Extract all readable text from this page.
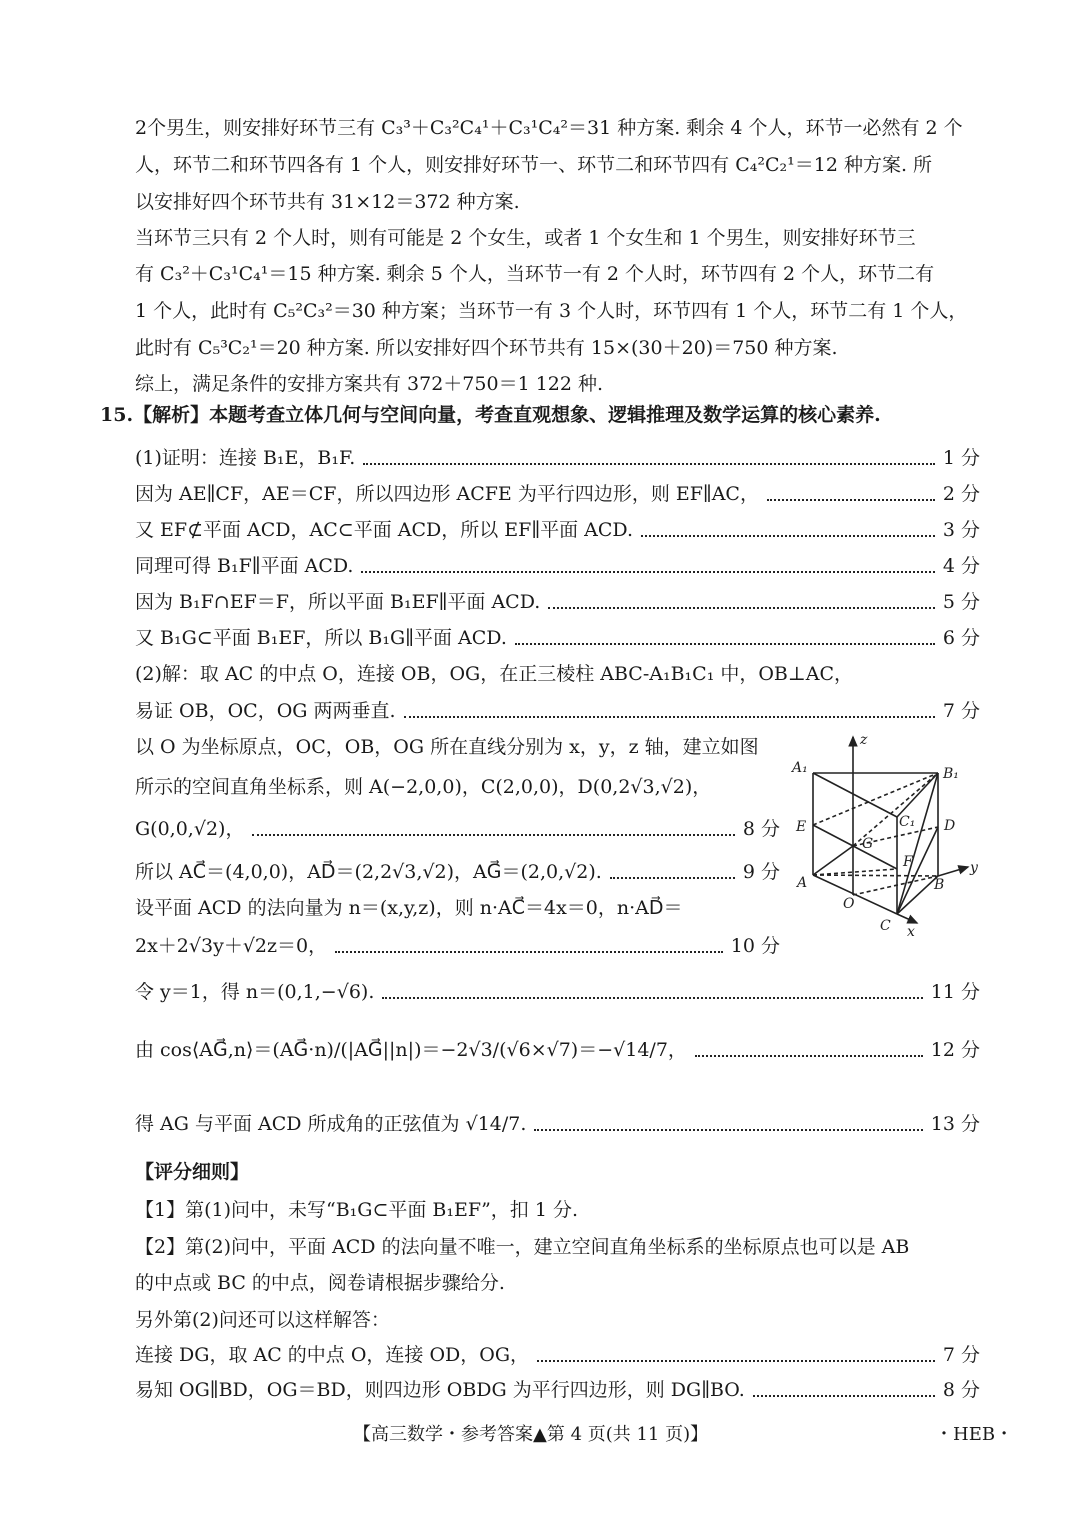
2个男生，则安排好环节三有 C₃³＋C₃²C₄¹＋C₃¹C₄²＝31 种方案. 剩余 4 个人，环节一必然有 2 个
人，环节二和环节四各有 1 个人，则安排好环节一、环节二和环节四有 C₄²C₂¹＝12 种方案. 所
以安排好四个环节共有 31×12＝372 种方案.
当环节三只有 2 个人时，则有可能是 2 个女生，或者 1 个女生和 1 个男生，则安排好环节三
有 C₃²＋C₃¹C₄¹＝15 种方案. 剩余 5 个人，当环节一有 2 个人时，环节四有 2 个人，环节二有
1 个人，此时有 C₅²C₃²＝30 种方案；当环节一有 3 个人时，环节四有 1 个人，环节二有 1 个人，
此时有 C₅³C₂¹＝20 种方案. 所以安排好四个环节共有 15×(30＋20)＝750 种方案.
综上，满足条件的安排方案共有 372＋750＝1 122 种.
15.【解析】本题考查立体几何与空间向量，考查直观想象、逻辑推理及数学运算的核心素养.
(1)证明：连接 B₁E，B₁F.	1 分
因为 AE∥CF，AE＝CF，所以四边形 ACFE 为平行四边形，则 EF∥AC，	2 分
又 EF⊄平面 ACD，AC⊂平面 ACD，所以 EF∥平面 ACD.	3 分
同理可得 B₁F∥平面 ACD.	4 分
因为 B₁F∩EF＝F，所以平面 B₁EF∥平面 ACD.	5 分
又 B₁G⊂平面 B₁EF，所以 B₁G∥平面 ACD.	6 分
(2)解：取 AC 的中点 O，连接 OB，OG，在正三棱柱 ABC-A₁B₁C₁ 中，OB⊥AC，
易证 OB，OC，OG 两两垂直.	7 分
以 O 为坐标原点，OC，OB，OG 所在直线分别为 x，y，z 轴，建立如图
所示的空间直角坐标系，则 A(−2,0,0)，C(2,0,0)，D(0,2√3,√2)，
G(0,0,√2)，	8 分
所以 AC⃗＝(4,0,0)，AD⃗＝(2,2√3,√2)，AG⃗＝(2,0,√2).	9 分
设平面 ACD 的法向量为 n＝(x,y,z)，则 n·AC⃗＝4x＝0，n·AD⃗＝
2x＋2√3y＋√2z＝0，	10 分
令 y＝1，得 n＝(0,1,−√6).	11 分
由 cos⟨AG⃗,n⟩＝(AG⃗·n)/(|AG⃗||n|)＝−2√3/(√6×√7)＝−√14/7，	12 分
得 AG 与平面 ACD 所成角的正弦值为 √14/7.	13 分
【评分细则】
【1】第(1)问中，未写“B₁G⊂平面 B₁EF”，扣 1 分.
【2】第(2)问中，平面 ACD 的法向量不唯一，建立空间直角坐标系的坐标原点也可以是 AB
的中点或 BC 的中点，阅卷请根据步骤给分.
另外第(2)问还可以这样解答：
连接 DG，取 AC 的中点 O，连接 OD，OG，	7 分
易知 OG∥BD，OG＝BD，则四边形 OBDG 为平行四边形，则 DG∥BO.	8 分
z
A₁	B₁
C₁
E	D
G
F
A	B
y
O
C x
【高三数学・参考答案▲第 4 页(共 11 页)】	・HEB・
